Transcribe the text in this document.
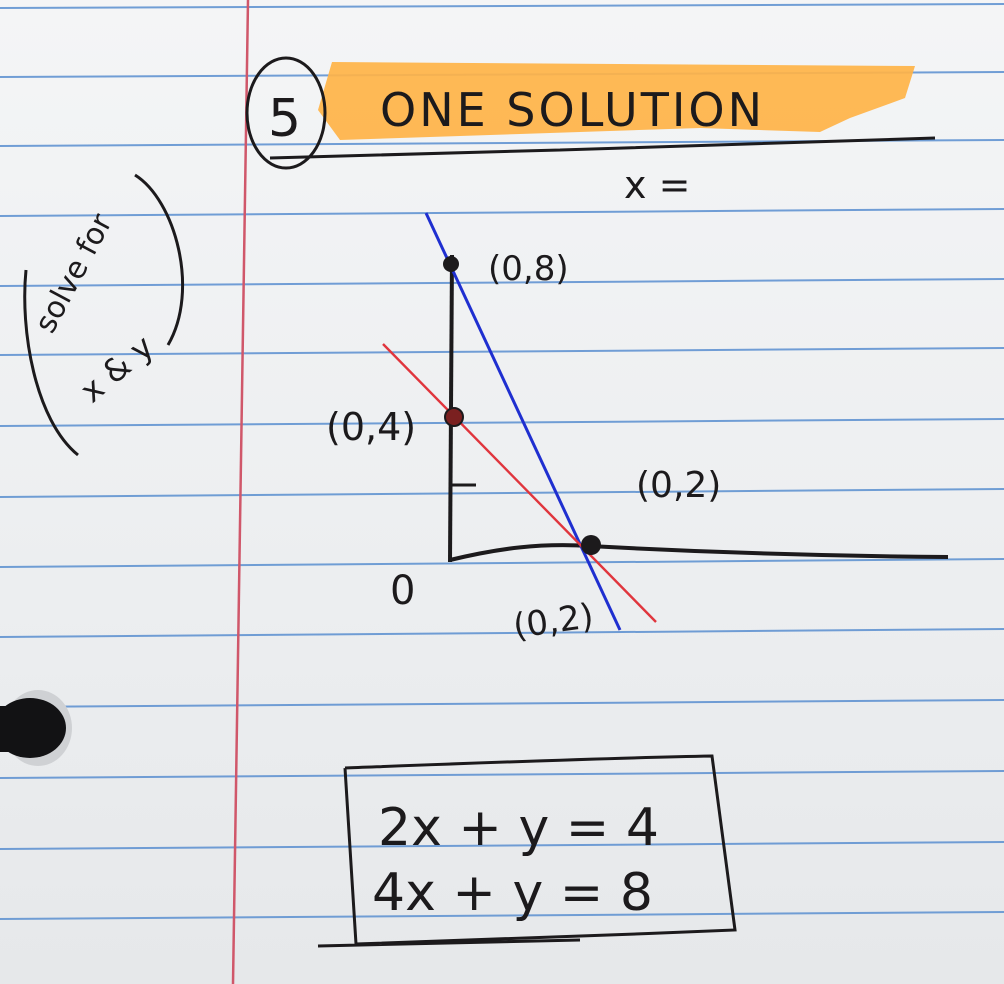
5 ONE SOLUTION
x =
solve for
x & y
(0,8)
(0,4)
(0,2)
(0,2)
0
2x + y = 4
4x + y = 8
